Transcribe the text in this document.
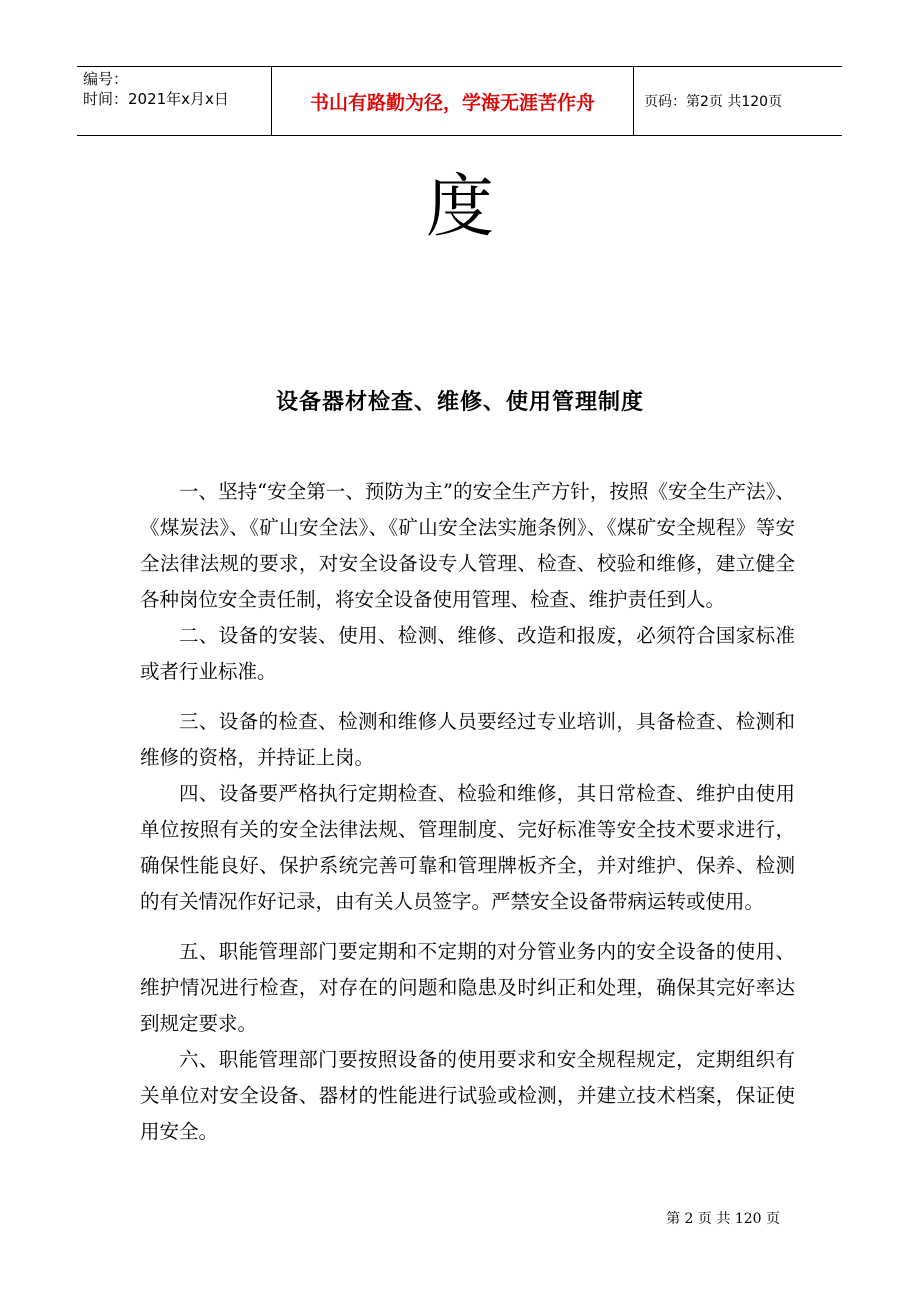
编号：
时间：2021年x月x日	书山有路勤为径，学海无涯苦作舟	页码：第2页 共120页
度
设备器材检查、维修、使用管理制度

一、坚持“安全第一、预防为主”的安全生产方针，按照《安全生产法》、《煤炭法》、《矿山安全法》、《矿山安全法实施条例》、《煤矿安全规程》等安全法律法规的要求，对安全设备设专人管理、检查、校验和维修，建立健全各种岗位安全责任制，将安全设备使用管理、检查、维护责任到人。

二、设备的安装、使用、检测、维修、改造和报废，必须符合国家标准或者行业标准。

三、设备的检查、检测和维修人员要经过专业培训，具备检查、检测和维修的资格，并持证上岗。

四、设备要严格执行定期检查、检验和维修，其日常检查、维护由使用单位按照有关的安全法律法规、管理制度、完好标准等安全技术要求进行，确保性能良好、保护系统完善可靠和管理牌板齐全，并对维护、保养、检测的有关情况作好记录，由有关人员签字。严禁安全设备带病运转或使用。

五、职能管理部门要定期和不定期的对分管业务内的安全设备的使用、维护情况进行检查，对存在的问题和隐患及时纠正和处理，确保其完好率达到规定要求。

六、职能管理部门要按照设备的使用要求和安全规程规定，定期组织有关单位对安全设备、器材的性能进行试验或检测，并建立技术档案，保证使用安全。

第 2 页 共 120 页
